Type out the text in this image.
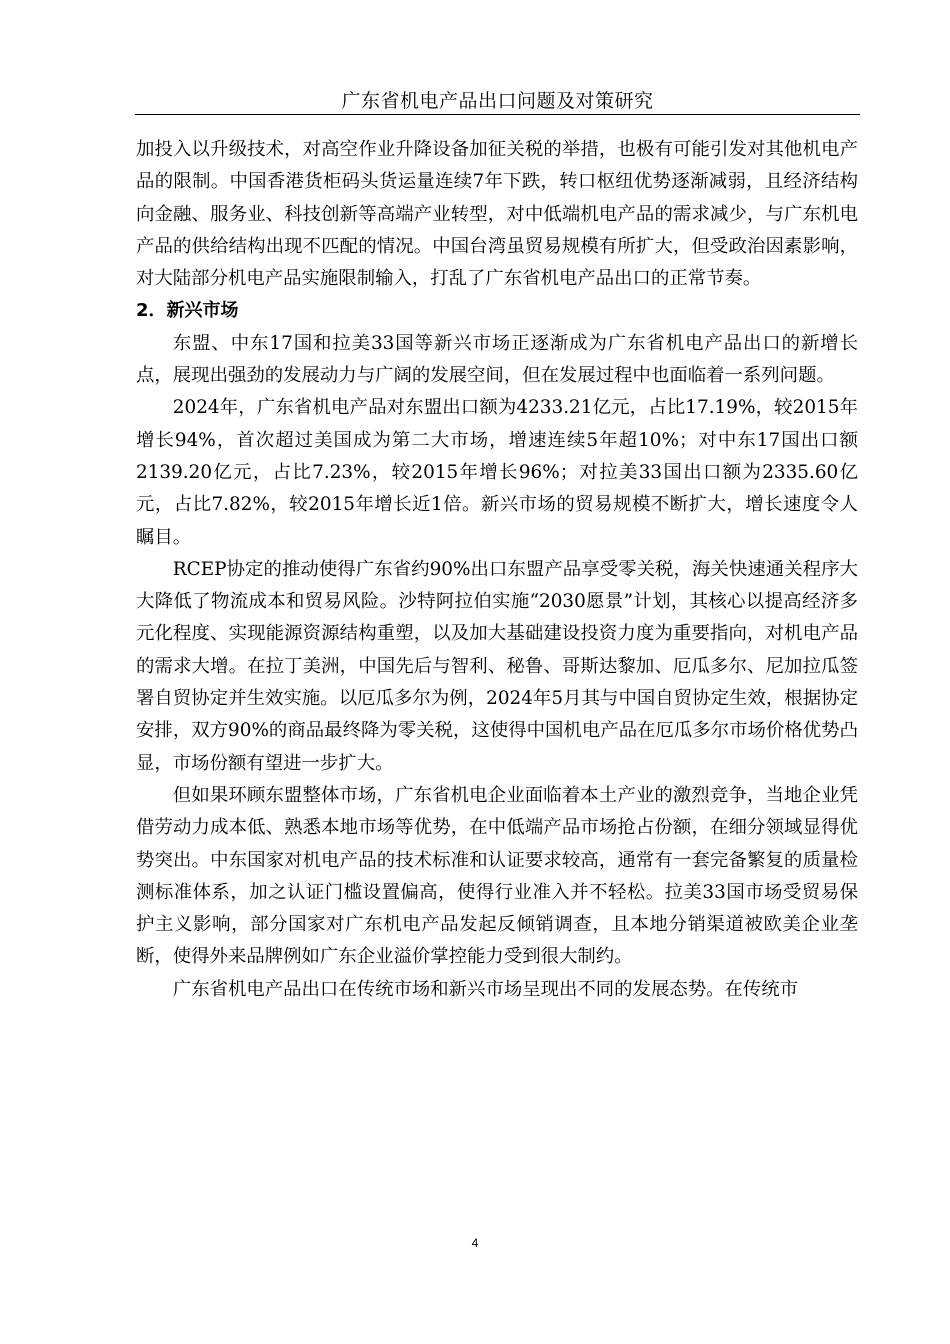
广东省机电产品出口问题及对策研究

加投入以升级技术，对高空作业升降设备加征关税的举措，也极有可能引发对其他机电产品的限制。中国香港货柜码头货运量连续7年下跌，转口枢纽优势逐渐减弱，且经济结构向金融、服务业、科技创新等高端产业转型，对中低端机电产品的需求减少，与广东机电产品的供给结构出现不匹配的情况。中国台湾虽贸易规模有所扩大，但受政治因素影响，对大陆部分机电产品实施限制输入，打乱了广东省机电产品出口的正常节奏。

2．新兴市场

东盟、中东17国和拉美33国等新兴市场正逐渐成为广东省机电产品出口的新增长点，展现出强劲的发展动力与广阔的发展空间，但在发展过程中也面临着一系列问题。

2024年，广东省机电产品对东盟出口额为4233.21亿元，占比17.19%，较2015年增长94%，首次超过美国成为第二大市场，增速连续5年超10%；对中东17国出口额2139.20亿元，占比7.23%，较2015年增长96%；对拉美33国出口额为2335.60亿元，占比7.82%，较2015年增长近1倍。新兴市场的贸易规模不断扩大，增长速度令人瞩目。

RCEP协定的推动使得广东省约90%出口东盟产品享受零关税，海关快速通关程序大大降低了物流成本和贸易风险。沙特阿拉伯实施“2030愿景”计划，其核心以提高经济多元化程度、实现能源资源结构重塑，以及加大基础建设投资力度为重要指向，对机电产品的需求大增。在拉丁美洲，中国先后与智利、秘鲁、哥斯达黎加、厄瓜多尔、尼加拉瓜签署自贸协定并生效实施。以厄瓜多尔为例，2024年5月其与中国自贸协定生效，根据协定安排，双方90%的商品最终降为零关税，这使得中国机电产品在厄瓜多尔市场价格优势凸显，市场份额有望进一步扩大。

但如果环顾东盟整体市场，广东省机电企业面临着本土产业的激烈竞争，当地企业凭借劳动力成本低、熟悉本地市场等优势，在中低端产品市场抢占份额，在细分领域显得优势突出。中东国家对机电产品的技术标准和认证要求较高，通常有一套完备繁复的质量检测标准体系，加之认证门槛设置偏高，使得行业准入并不轻松。拉美33国市场受贸易保护主义影响，部分国家对广东机电产品发起反倾销调查，且本地分销渠道被欧美企业垄断，使得外来品牌例如广东企业溢价掌控能力受到很大制约。

广东省机电产品出口在传统市场和新兴市场呈现出不同的发展态势。在传统市

4
